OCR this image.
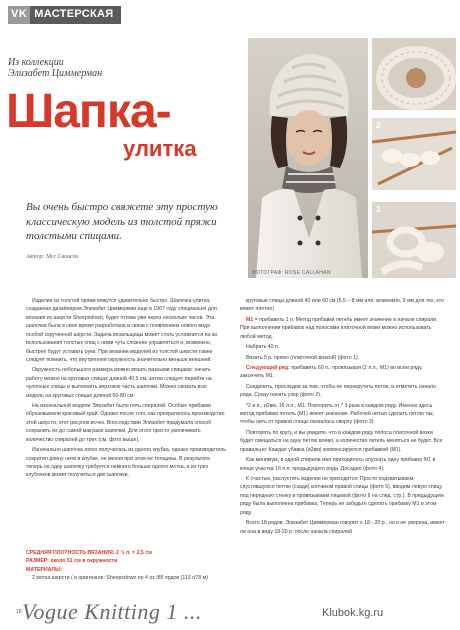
VK МАСТЕРСКАЯ
Из коллекции
Элизабет Циммерман
Шапка-
улитка
ФОТОГРАФ: ROSE CALLAHAN
2
3
Вы очень быстро свяжете эту простую классическую модель из толстой пряжи толстыми спицами.
Автор: Мег Свансен

Изделия из толстой пряжи вяжутся удивительно быстро. Шапочка-улитка, созданная дизайнером Элизабет Циммерман еще в 1967 году специально для вязания из шерсти Sheepsdown, будет готова уже через несколько часов. Эта шапочка была в свое время разработана в связи с появлением нового вида особой скрученной шерсти. Задача вязальщицы может стать усложнится из-за использования толстых спиц с ними чуть сложнее управляться и, возможно, быстрее будут уставать руки. При вязании моделей из толстой шерсти также следует помнить, что внутренняя окружность значительно меньше внешней.

Окружность небольшого размера можно вязать разными спицами: начать работу можно на круговых спицах длиной 40,5 см, затем следует перейти на чулочные спицы и выполнить верхнюю часть шапочки. Можно связать всю модель на круговых спицах длиной 60-80 см.

На изначальной модели Элизабет было пять спиралей. Особые прибавки образовывали красивый край. Однако после того, как прекратилось производство этой шерсти, этот рисунок исчез. Впоследствии Элизабет придумала способ сохранить их до самой макушки шапочки. Для этого просто увеличивать количество спиралей до трех (см. фото выше).

Изначально шапочка легко получилась из одного клубка, однако производитель сократил длину нити в клубке, не меняя при этом ее толщины. В результате теперь на одну шапочку требуется немного больше одного мотка, а из трех клубочков может получиться две шапочки.

СРЕДНЯЯ ПЛОТНОСТЬ ВЯЗАНИЯ: 2 ½ п. = 2,5 см
РАЗМЕР: около 51 см в окружности
МАТЕРИАЛЫ:
2 мотка шерсти ( в оригинале: Sheepsdown no 4 oz /85 ярдов (113 г/78 м)

круговые спицы длиной 40 или 60 см (5,5 – 8 мм или, возможно, 9 мм для тех, кто вяжет плотно)

М1 = прибавить 1 п. Метод прибавки петель имеет значение в начале спирали. При выполнении прибавок над полосами платочной вязки можно использовать любой метод.

Набрать 40 п.

Вязать 5 р. прямо (платочной вязкой) (фото 1).

Следующий ряд: прибавить 60 п., провязывая (2 л.п., М1) во всем ряду, закончить М1.

Соединить, проследив за тем, чтобы не перекрутить петли, и отметить начало ряда. Сразу начать узор (фото 2).

*2 и.п., и2вм, 16 л.п., М1. Повторить от * 3 раза в каждом ряду. Именно здесь метод прибавки петель (М1) имеет значение: Рабочей нитью сделать петлю так, чтобы нить от правой спицы оказалась сверху (фото 3).

Повторять по кругу, и вы увидите, что в каждом ряду полоса платочной вязки будет смещаться на одну петлю влево, а количество петель меняться не будет. Все правильно: Каждая убавка (и2вм) компенсируется прибавкой (М1).

Как минимум, в одной спирали мне приходилось опускать одну прибавку М1 в конце участка 16 п.п. предыдущего ряда. Досадно (фото 4).

К счастью, распустить изделие не приходится: Просто подхватываем спустившуюся петлю (сзади) кончиком правой спицы (фото 5), вводим левую спицу под передною стенку и провязываем лицевой (фото 6 на след. стр.). В предыдущем ряду была выполнена прибавка. Теперь не забудьте сделать прибавку М1 в этом ряду.

Всего 18 рядов. Элизабет Циммерман говорит о 18 - 20 р., но я не уверена, имеет ли она в виду 18-20 р. после начала спиралей

Vogue Knitting 1 ...
18	Klubok.kg.ru
